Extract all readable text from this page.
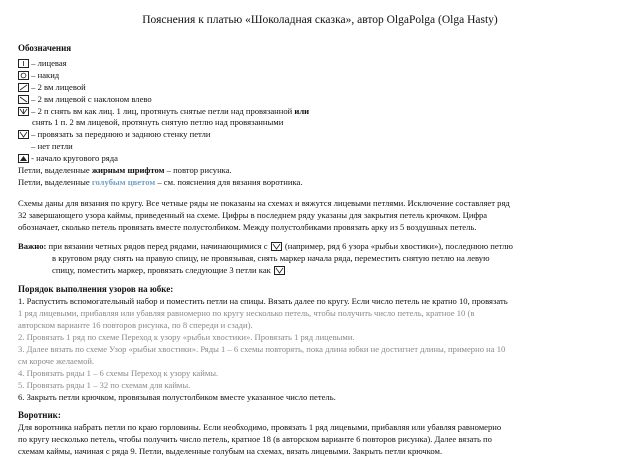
Пояснения к платью «Шоколадная сказка», автор OlgaPolga (Olga Hasty)
Обозначения
– лицевая
– накид
– 2 вм лицевой
– 2 вм лицевой с наклоном влево
– 2 п снять вм как лиц. 1 лиц, протянуть снятые петли над провязанной или
снять 1 п. 2 вм лицевой, протянуть снятую петлю над провязанными
– провязать за переднюю и заднюю стенку петли
– нет петли
- начало кругового ряда
Петли, выделенные жирным шрифтом – повтор рисунка.
Петли, выделенные голубым цветом – см. пояснения для вязания воротника.
Схемы даны для вязания по кругу. Все четные ряды не показаны на схемах и вяжутся лицевыми петлями. Исключение составляет ряд
32 завершающего узора каймы, приведенный на схеме. Цифры в последнем ряду указаны для закрытия петель крючком. Цифра
обозначает, сколько петель провязать вместе полустолбиком. Между полустолбиками провязать арку из 5 воздушных петель.
Важно: при вязании четных рядов перед рядами, начинающимися с
(например, ряд 6 узора «рыбьи хвостики»), последнюю петлю
в круговом ряду снять на правую спицу, не провязывая, снять маркер начала ряда, переместить снятую петлю на левую
спицу, поместить маркер, провязать следующие 3 петли как
Порядок выполнения узоров на юбке:
1. Распустить вспомогательный набор и поместить петли на спицы. Вязать далее по кругу. Если число петель не кратно 10, провязать
1 ряд лицевыми, прибавляя или убавляя равномерно по кругу несколько петель, чтобы получить число петель, кратное 10 (в
авторском варианте 16 повторов рисунка, по 8 спереди и сзади).
2. Провязать 1 ряд по схеме Переход к узору «рыбьи хвостики». Провязать 1 ряд лицевыми.
3. Далее вязать по схеме Узор «рыбьи хвостики». Ряды 1 – 6 схемы повторять, пока длина юбки не достигнет длины, примерно на 10
см короче желаемой.
4. Провязать ряды 1 – 6 схемы Переход к узору каймы.
5. Провязать ряды 1 – 32 по схемам для каймы.
6. Закрыть петли крючком, провязывая полустолбиком вместе указанное число петель.
Воротник:
Для воротника набрать петли по краю горловины. Если необходимо, провязать 1 ряд лицевыми, прибавляя или убавляя равномерно
по кругу несколько петель, чтобы получить число петель, кратное 18 (в авторском варианте 6 повторов рисунка). Далее вязать по
схемам каймы, начиная с ряда 9. Петли, выделенные голубым на схемах, вязать лицевыми. Закрыть петли крючком.
